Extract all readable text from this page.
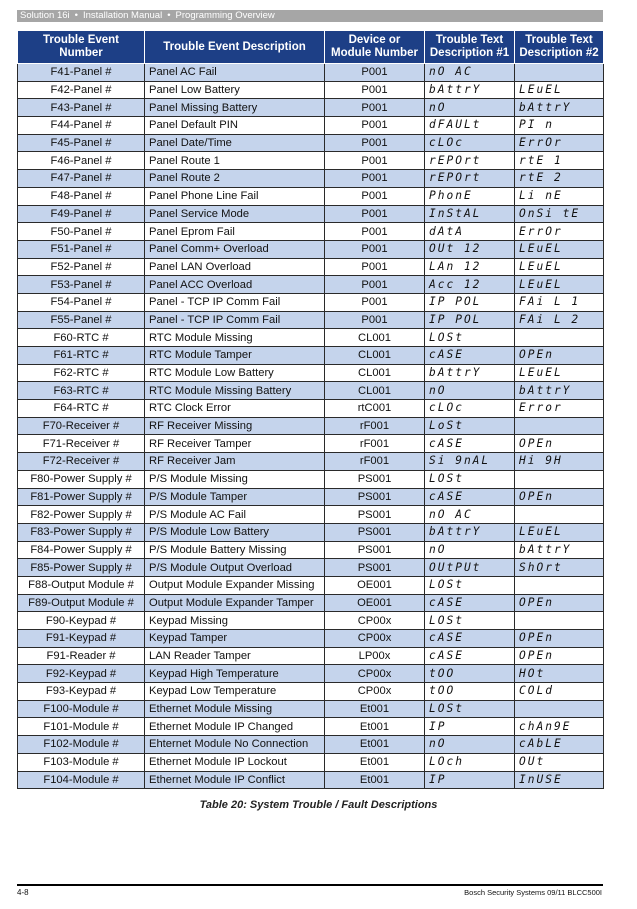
Solution 16i • Installation Manual • Programming Overview
Trouble Event Number	Trouble Event Description	Device or Module Number	Trouble Text Description #1	Trouble Text Description #2
F41-Panel #	Panel AC Fail	P001	nO AC	
F42-Panel #	Panel Low Battery	P001	bAttrY	LEuEL
F43-Panel #	Panel Missing Battery	P001	nO	bAttrY
F44-Panel #	Panel Default PIN	P001	dFAULt	PI n
F45-Panel #	Panel Date/Time	P001	cLOc	ErrOr
F46-Panel #	Panel Route 1	P001	rEPOrt	rtE 1
F47-Panel #	Panel Route 2	P001	rEPOrt	rtE 2
F48-Panel #	Panel Phone Line Fail	P001	PhonE	Li nE
F49-Panel #	Panel Service Mode	P001	InStAL	OnSi tE
F50-Panel #	Panel Eprom Fail	P001	dAtA	ErrOr
F51-Panel #	Panel Comm+ Overload	P001	OUt 12	LEuEL
F52-Panel #	Panel LAN Overload	P001	LAn 12	LEuEL
F53-Panel #	Panel ACC Overload	P001	Acc 12	LEuEL
F54-Panel #	Panel - TCP IP Comm Fail	P001	IP POL	FAi L 1
F55-Panel #	Panel - TCP IP Comm Fail	P001	IP POL	FAi L 2
F60-RTC #	RTC Module Missing	CL001	LOSt	
F61-RTC #	RTC Module Tamper	CL001	cASE	OPEn
F62-RTC #	RTC Module Low Battery	CL001	bAttrY	LEuEL
F63-RTC #	RTC Module Missing Battery	CL001	nO	bAttrY
F64-RTC #	RTC Clock Error	rtC001	cLOc	Error
F70-Receiver #	RF Receiver Missing	rF001	LoSt	
F71-Receiver #	RF Receiver Tamper	rF001	cASE	OPEn
F72-Receiver #	RF Receiver Jam	rF001	Si 9nAL	Hi 9H
F80-Power Supply #	P/S Module Missing	PS001	LOSt	
F81-Power Supply #	P/S Module Tamper	PS001	cASE	OPEn
F82-Power Supply #	P/S Module AC Fail	PS001	nO AC	
F83-Power Supply #	P/S Module Low Battery	PS001	bAttrY	LEuEL
F84-Power Supply #	P/S Module Battery Missing	PS001	nO	bAttrY
F85-Power Supply #	P/S Module Output Overload	PS001	OUtPUt	ShOrt
F88-Output Module #	Output Module Expander Missing	OE001	LOSt	
F89-Output Module #	Output Module Expander Tamper	OE001	cASE	OPEn
F90-Keypad #	Keypad Missing	CP00x	LOSt	
F91-Keypad #	Keypad Tamper	CP00x	cASE	OPEn
F91-Reader #	LAN Reader Tamper	LP00x	cASE	OPEn
F92-Keypad #	Keypad High Temperature	CP00x	tOO	HOt
F93-Keypad #	Keypad Low Temperature	CP00x	tOO	COLd
F100-Module #	Ethernet Module Missing	Et001	LOSt	
F101-Module #	Ethernet Module IP Changed	Et001	IP	chAn9E
F102-Module #	Ehternet Module No Connection	Et001	nO	cAbLE
F103-Module #	Ethernet Module IP Lockout	Et001	LOch	OUt
F104-Module #	Ethernet Module IP Conflict	Et001	IP	InUSE
Table 20: System Trouble / Fault Descriptions
4-8	Bosch Security Systems 09/11 BLCC500I
